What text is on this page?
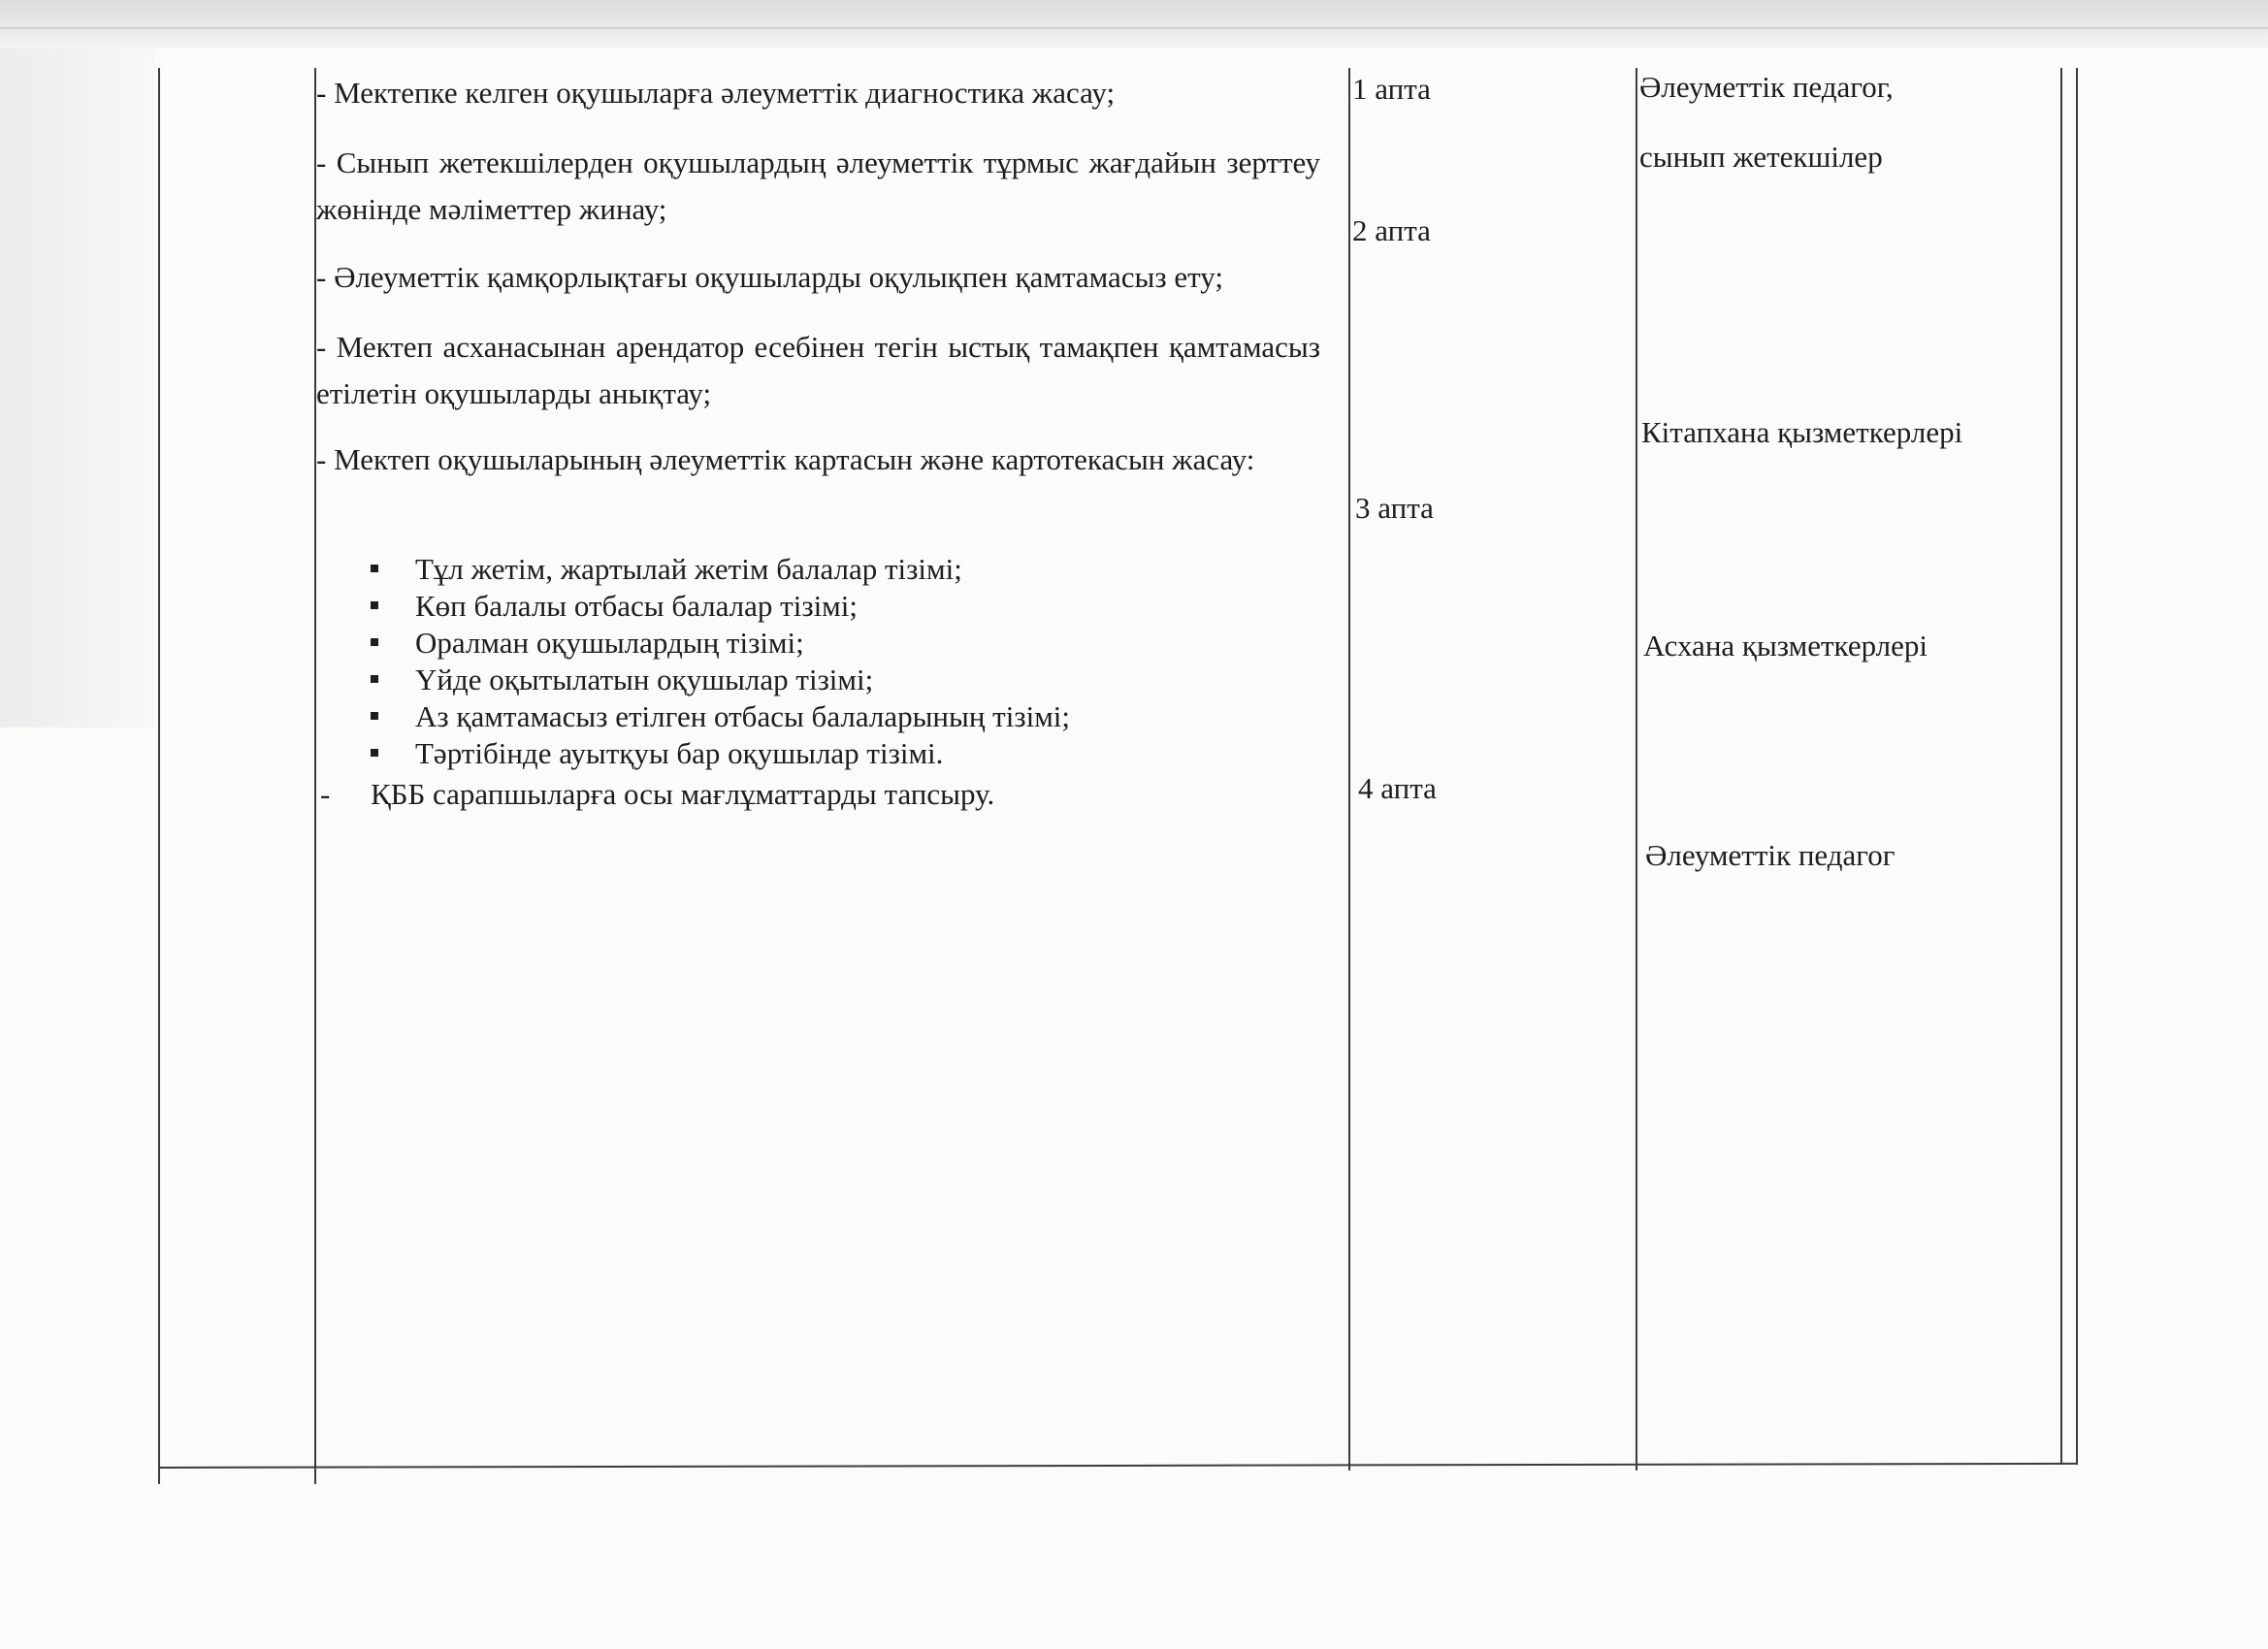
- Мектепке келген оқушыларға әлеуметтік диагностика жасау;

- Сынып жетекшілерден оқушылардың әлеуметтік тұрмыс жағдайын зерттеу жөнінде мәліметтер жинау;

- Әлеуметтік қамқорлықтағы оқушыларды оқулықпен қамтамасыз ету;

- Мектеп асханасынан арендатор есебінен тегін ыстық тамақпен қамтамасыз етілетін оқушыларды анықтау;

- Мектеп оқушыларының әлеуметтік картасын және картотекасын жасау:

Тұл жетім, жартылай жетім балалар тізімі;
Көп балалы отбасы балалар тізімі;
Оралман оқушылардың тізімі;
Үйде оқытылатын оқушылар тізімі;
Аз қамтамасыз етілген отбасы балаларының тізімі;
Тәртібінде ауытқуы бар оқушылар тізімі.
- ҚББ сарапшыларға осы мағлұматтарды тапсыру.
1 апта
2 апта
3 апта
4 апта
Әлеуметтік педагог,
сынып жетекшілер
Кітапхана қызметкерлері
Асхана қызметкерлері
Әлеуметтік педагог
